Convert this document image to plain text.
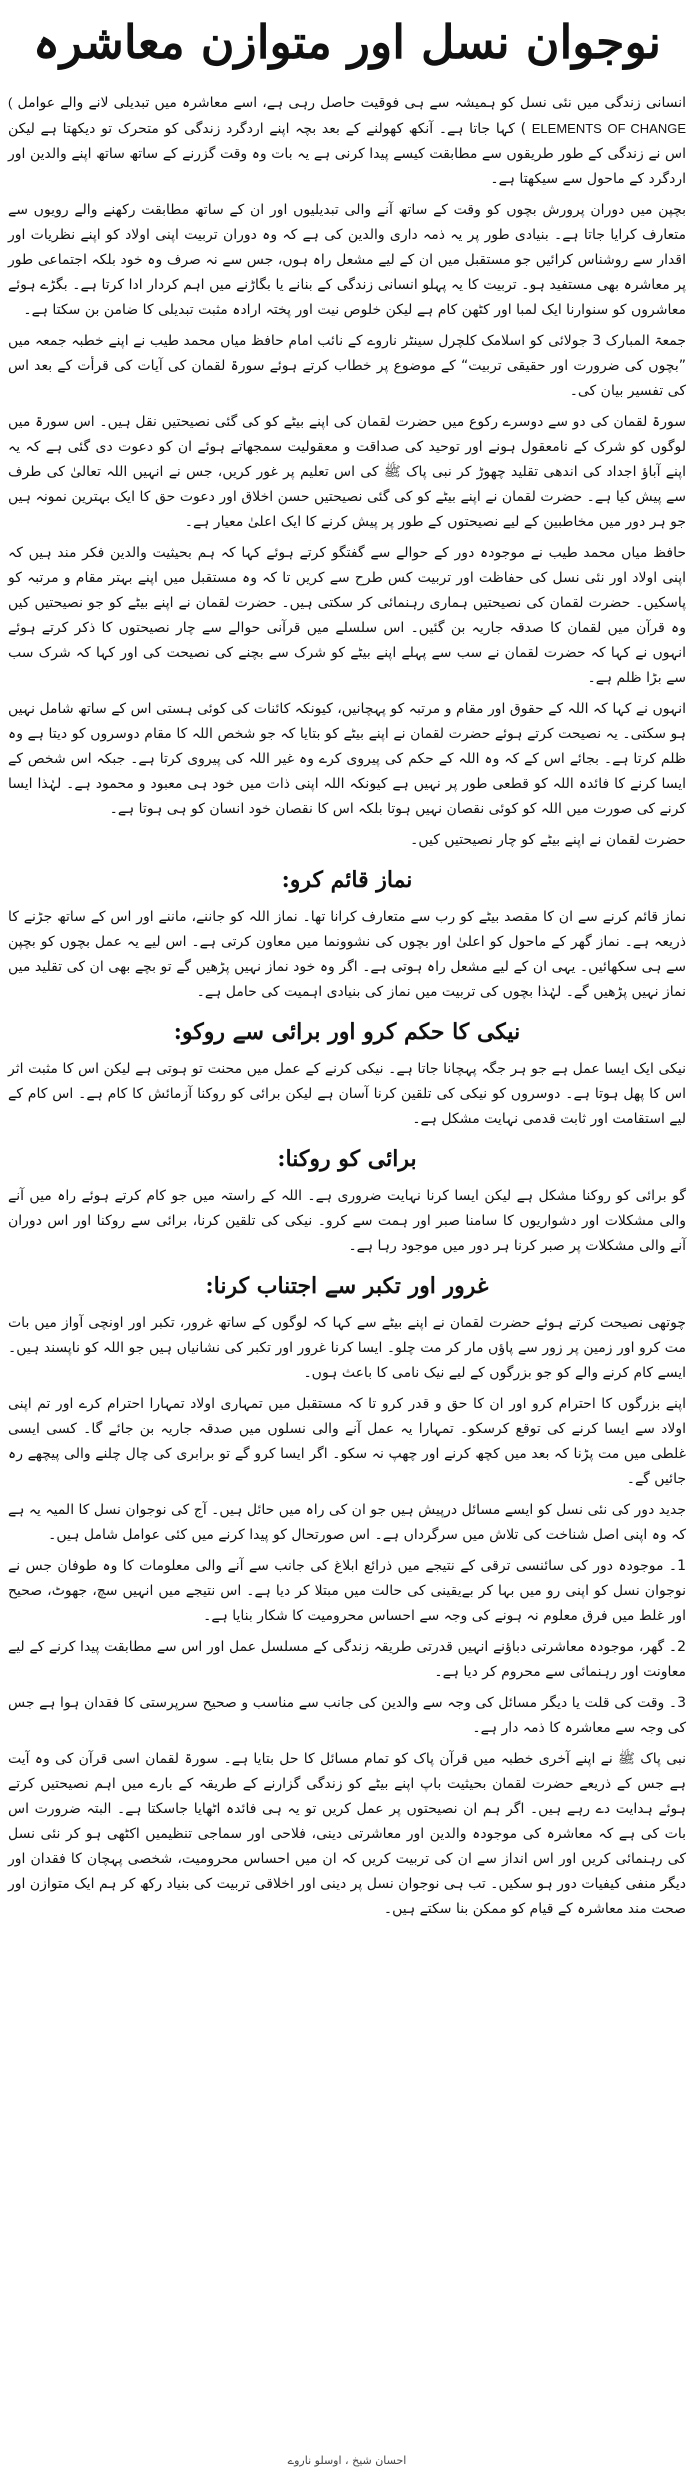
نوجوان نسل اور متوازن معاشرہ

انسانی زندگی میں نئی نسل کو ہمیشہ سے ہی فوقیت حاصل رہی ہے، اسے معاشرہ میں تبدیلی لانے والے عوامل ( ELEMENTS OF CHANGE ) کہا جاتا ہے۔ آنکھ کھولنے کے بعد بچہ اپنے اردگرد زندگی کو متحرک تو دیکھتا ہے لیکن اس نے زندگی کے طور طریقوں سے مطابقت کیسے پیدا کرنی ہے یہ بات وہ وقت گزرنے کے ساتھ ساتھ اپنے والدین اور اردگرد کے ماحول سے سیکھتا ہے۔

بچپن میں دوران پرورش بچوں کو وقت کے ساتھ آنے والی تبدیلیوں اور ان کے ساتھ مطابقت رکھنے والے رویوں سے متعارف کرایا جاتا ہے۔ بنیادی طور پر یہ ذمہ داری والدین کی ہے کہ وہ دوران تربیت اپنی اولاد کو اپنے نظریات اور اقدار سے روشناس کرائیں جو مستقبل میں ان کے لیے مشعل راہ ہوں، جس سے نہ صرف وہ خود بلکہ اجتماعی طور پر معاشرہ بھی مستفید ہو۔ تربیت کا یہ پہلو انسانی زندگی کے بنانے یا بگاڑنے میں اہم کردار ادا کرتا ہے۔ بگڑے ہوئے معاشروں کو سنوارنا ایک لمبا اور کٹھن کام ہے لیکن خلوص نیت اور پختہ ارادہ مثبت تبدیلی کا ضامن بن سکتا ہے۔

جمعۃ المبارک 3 جولائی کو اسلامک کلچرل سینٹر ناروے کے نائب امام حافظ میاں محمد طیب نے اپنے خطبہ جمعہ میں ”بچوں کی ضرورت اور حقیقی تربیت“ کے موضوع پر خطاب کرتے ہوئے سورۃ لقمان کی آیات کی قرأت کے بعد اس کی تفسیر بیان کی۔

سورۃ لقمان کی دو سے دوسرے رکوع میں حضرت لقمان کی اپنے بیٹے کو کی گئی نصیحتیں نقل ہیں۔ اس سورۃ میں لوگوں کو شرک کے نامعقول ہونے اور توحید کی صداقت و معقولیت سمجھاتے ہوئے ان کو دعوت دی گئی ہے کہ یہ اپنے آباؤ اجداد کی اندھی تقلید چھوڑ کر نبی پاک ﷺ کی اس تعلیم پر غور کریں، جس نے انہیں اللہ تعالیٰ کی طرف سے پیش کیا ہے۔ حضرت لقمان نے اپنے بیٹے کو کی گئی نصیحتیں حسن اخلاق اور دعوت حق کا ایک بہترین نمونہ ہیں جو ہر دور میں مخاطبین کے لیے نصیحتوں کے طور پر پیش کرنے کا ایک اعلیٰ معیار ہے۔

حافظ میاں محمد طیب نے موجودہ دور کے حوالے سے گفتگو کرتے ہوئے کہا کہ ہم بحیثیت والدین فکر مند ہیں کہ اپنی اولاد اور نئی نسل کی حفاظت اور تربیت کس طرح سے کریں تا کہ وہ مستقبل میں اپنے بہتر مقام و مرتبہ کو پاسکیں۔ حضرت لقمان کی نصیحتیں ہماری رہنمائی کر سکتی ہیں۔ حضرت لقمان نے اپنے بیٹے کو جو نصیحتیں کیں وہ قرآن میں لقمان کا صدقہ جاریہ بن گئیں۔ اس سلسلے میں قرآنی حوالے سے چار نصیحتوں کا ذکر کرتے ہوئے انہوں نے کہا کہ حضرت لقمان نے سب سے پہلے اپنے بیٹے کو شرک سے بچنے کی نصیحت کی اور کہا کہ شرک سب سے بڑا ظلم ہے۔

انہوں نے کہا کہ اللہ کے حقوق اور مقام و مرتبہ کو پہچانیں، کیونکہ کائنات کی کوئی ہستی اس کے ساتھ شامل نہیں ہو سکتی۔ یہ نصیحت کرتے ہوئے حضرت لقمان نے اپنے بیٹے کو بتایا کہ جو شخص اللہ کا مقام دوسروں کو دیتا ہے وہ ظلم کرتا ہے۔ بجائے اس کے کہ وہ اللہ کے حکم کی پیروی کرے وہ غیر اللہ کی پیروی کرتا ہے۔ جبکہ اس شخص کے ایسا کرنے کا فائدہ اللہ کو قطعی طور پر نہیں ہے کیونکہ اللہ اپنی ذات میں خود ہی معبود و محمود ہے۔ لہٰذا ایسا کرنے کی صورت میں اللہ کو کوئی نقصان نہیں ہوتا بلکہ اس کا نقصان خود انسان کو ہی ہوتا ہے۔

حضرت لقمان نے اپنے بیٹے کو چار نصیحتیں کیں۔

نماز قائم کرو:

نماز قائم کرنے سے ان کا مقصد بیٹے کو رب سے متعارف کرانا تھا۔ نماز اللہ کو جاننے، ماننے اور اس کے ساتھ جڑنے کا ذریعہ ہے۔ نماز گھر کے ماحول کو اعلیٰ اور بچوں کی نشوونما میں معاون کرتی ہے۔ اس لیے یہ عمل بچوں کو بچپن سے ہی سکھائیں۔ یہی ان کے لیے مشعل راہ ہوتی ہے۔ اگر وہ خود نماز نہیں پڑھیں گے تو بچے بھی ان کی تقلید میں نماز نہیں پڑھیں گے۔ لہٰذا بچوں کی تربیت میں نماز کی بنیادی اہمیت کی حامل ہے۔

نیکی کا حکم کرو اور برائی سے روکو:

نیکی ایک ایسا عمل ہے جو ہر جگہ پہچانا جاتا ہے۔ نیکی کرنے کے عمل میں محنت تو ہوتی ہے لیکن اس کا مثبت اثر اس کا پھل ہوتا ہے۔ دوسروں کو نیکی کی تلقین کرنا آسان ہے لیکن برائی کو روکنا آزمائش کا کام ہے۔ اس کام کے لیے استقامت اور ثابت قدمی نہایت مشکل ہے۔

برائی کو روکنا:

گو برائی کو روکنا مشکل ہے لیکن ایسا کرنا نہایت ضروری ہے۔ اللہ کے راستہ میں جو کام کرتے ہوئے راہ میں آنے والی مشکلات اور دشواریوں کا سامنا صبر اور ہمت سے کرو۔ نیکی کی تلقین کرنا، برائی سے روکنا اور اس دوران آنے والی مشکلات پر صبر کرنا ہر دور میں موجود رہا ہے۔

غرور اور تکبر سے اجتناب کرنا:

چوتھی نصیحت کرتے ہوئے حضرت لقمان نے اپنے بیٹے سے کہا کہ لوگوں کے ساتھ غرور، تکبر اور اونچی آواز میں بات مت کرو اور زمین پر زور سے پاؤں مار کر مت چلو۔ ایسا کرنا غرور اور تکبر کی نشانیاں ہیں جو اللہ کو ناپسند ہیں۔ ایسے کام کرنے والے کو جو بزرگوں کے لیے نیک نامی کا باعث ہوں۔

اپنے بزرگوں کا احترام کرو اور ان کا حق و قدر کرو تا کہ مستقبل میں تمہاری اولاد تمہارا احترام کرے اور تم اپنی اولاد سے ایسا کرنے کی توقع کرسکو۔ تمہارا یہ عمل آنے والی نسلوں میں صدقہ جاریہ بن جائے گا۔ کسی ایسی غلطی میں مت پڑنا کہ بعد میں کچھ کرنے اور چھپ نہ سکو۔ اگر ایسا کرو گے تو برابری کی چال چلنے والی پیچھے رہ جائیں گے۔

جدید دور کی نئی نسل کو ایسے مسائل درپیش ہیں جو ان کی راہ میں حائل ہیں۔ آج کی نوجوان نسل کا المیہ یہ ہے کہ وہ اپنی اصل شناخت کی تلاش میں سرگرداں ہے۔ اس صورتحال کو پیدا کرنے میں کئی عوامل شامل ہیں۔

1۔ موجودہ دور کی سائنسی ترقی کے نتیجے میں ذرائع ابلاغ کی جانب سے آنے والی معلومات کا وہ طوفان جس نے نوجوان نسل کو اپنی رو میں بہا کر بےیقینی کی حالت میں مبتلا کر دیا ہے۔ اس نتیجے میں انہیں سچ، جھوٹ، صحیح اور غلط میں فرق معلوم نہ ہونے کی وجہ سے احساس محرومیت کا شکار بنایا ہے۔

2۔ گھر، موجودہ معاشرتی دباؤنے انہیں قدرتی طریقہ زندگی کے مسلسل عمل اور اس سے مطابقت پیدا کرنے کے لیے معاونت اور رہنمائی سے محروم کر دیا ہے۔

3۔ وقت کی قلت یا دیگر مسائل کی وجہ سے والدین کی جانب سے مناسب و صحیح سرپرستی کا فقدان ہوا ہے جس کی وجہ سے معاشرہ کا ذمہ دار ہے۔

نبی پاک ﷺ نے اپنے آخری خطبہ میں قرآن پاک کو تمام مسائل کا حل بتایا ہے۔ سورۃ لقمان اسی قرآن کی وہ آیت ہے جس کے ذریعے حضرت لقمان بحیثیت باپ اپنے بیٹے کو زندگی گزارنے کے طریقہ کے بارے میں اہم نصیحتیں کرتے ہوئے ہدایت دے رہے ہیں۔ اگر ہم ان نصیحتوں پر عمل کریں تو یہ ہی فائدہ اٹھایا جاسکتا ہے۔ البتہ ضرورت اس بات کی ہے کہ معاشرہ کی موجودہ والدین اور معاشرتی دینی، فلاحی اور سماجی تنظیمیں اکٹھی ہو کر نئی نسل کی رہنمائی کریں اور اس انداز سے ان کی تربیت کریں کہ ان میں احساس محرومیت، شخصی پہچان کا فقدان اور دیگر منفی کیفیات دور ہو سکیں۔ تب ہی نوجوان نسل پر دینی اور اخلاقی تربیت کی بنیاد رکھ کر ہم ایک متوازن اور صحت مند معاشرہ کے قیام کو ممکن بنا سکتے ہیں۔

احسان شیخ ، اوسلو ناروے
